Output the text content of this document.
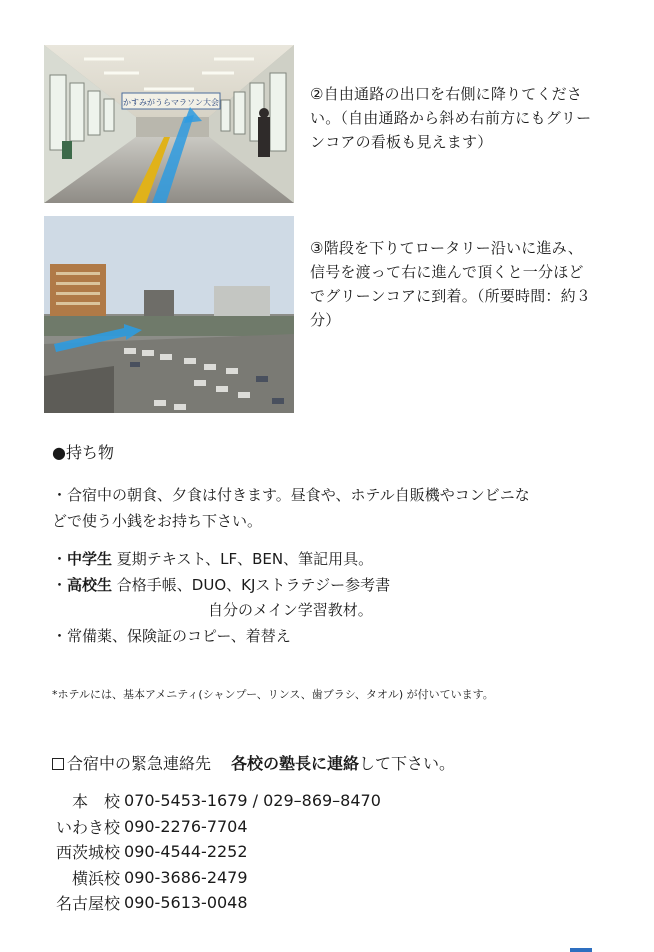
かすみがうらマラソン大会	②自由通路の出口を右側に降りてください。（自由通路から斜め右前方にもグリーンコアの看板も見えます）

③階段を下りてロータリー沿いに進み、信号を渡って右に進んで頂くと一分ほどでグリーンコアに到着。（所要時間：約３分）

●持ち物

・合宿中の朝食、夕食は付きます。昼食や、ホテル自販機やコンビニな

どで使う小銭をお持ち下さい。

・中学生 夏期テキスト、LF、BEN、筆記用具。

・高校生 合格手帳、DUO、KJストラテジー参考書

自分のメイン学習教材。

・常備薬、保険証のコピー、着替え

*ホテルには、基本アメニティ(シャンプー、リンス、歯ブラシ、タオル) が付いています。

合宿中の緊急連絡先 各校の塾長に連絡して下さい。

本　校	070-5453-1679 / 029–869–8470
いわき校	090-2276-7704
西茨城校	090-4544-2252
横浜校	090-3686-2479
名古屋校	090-5613-0048
